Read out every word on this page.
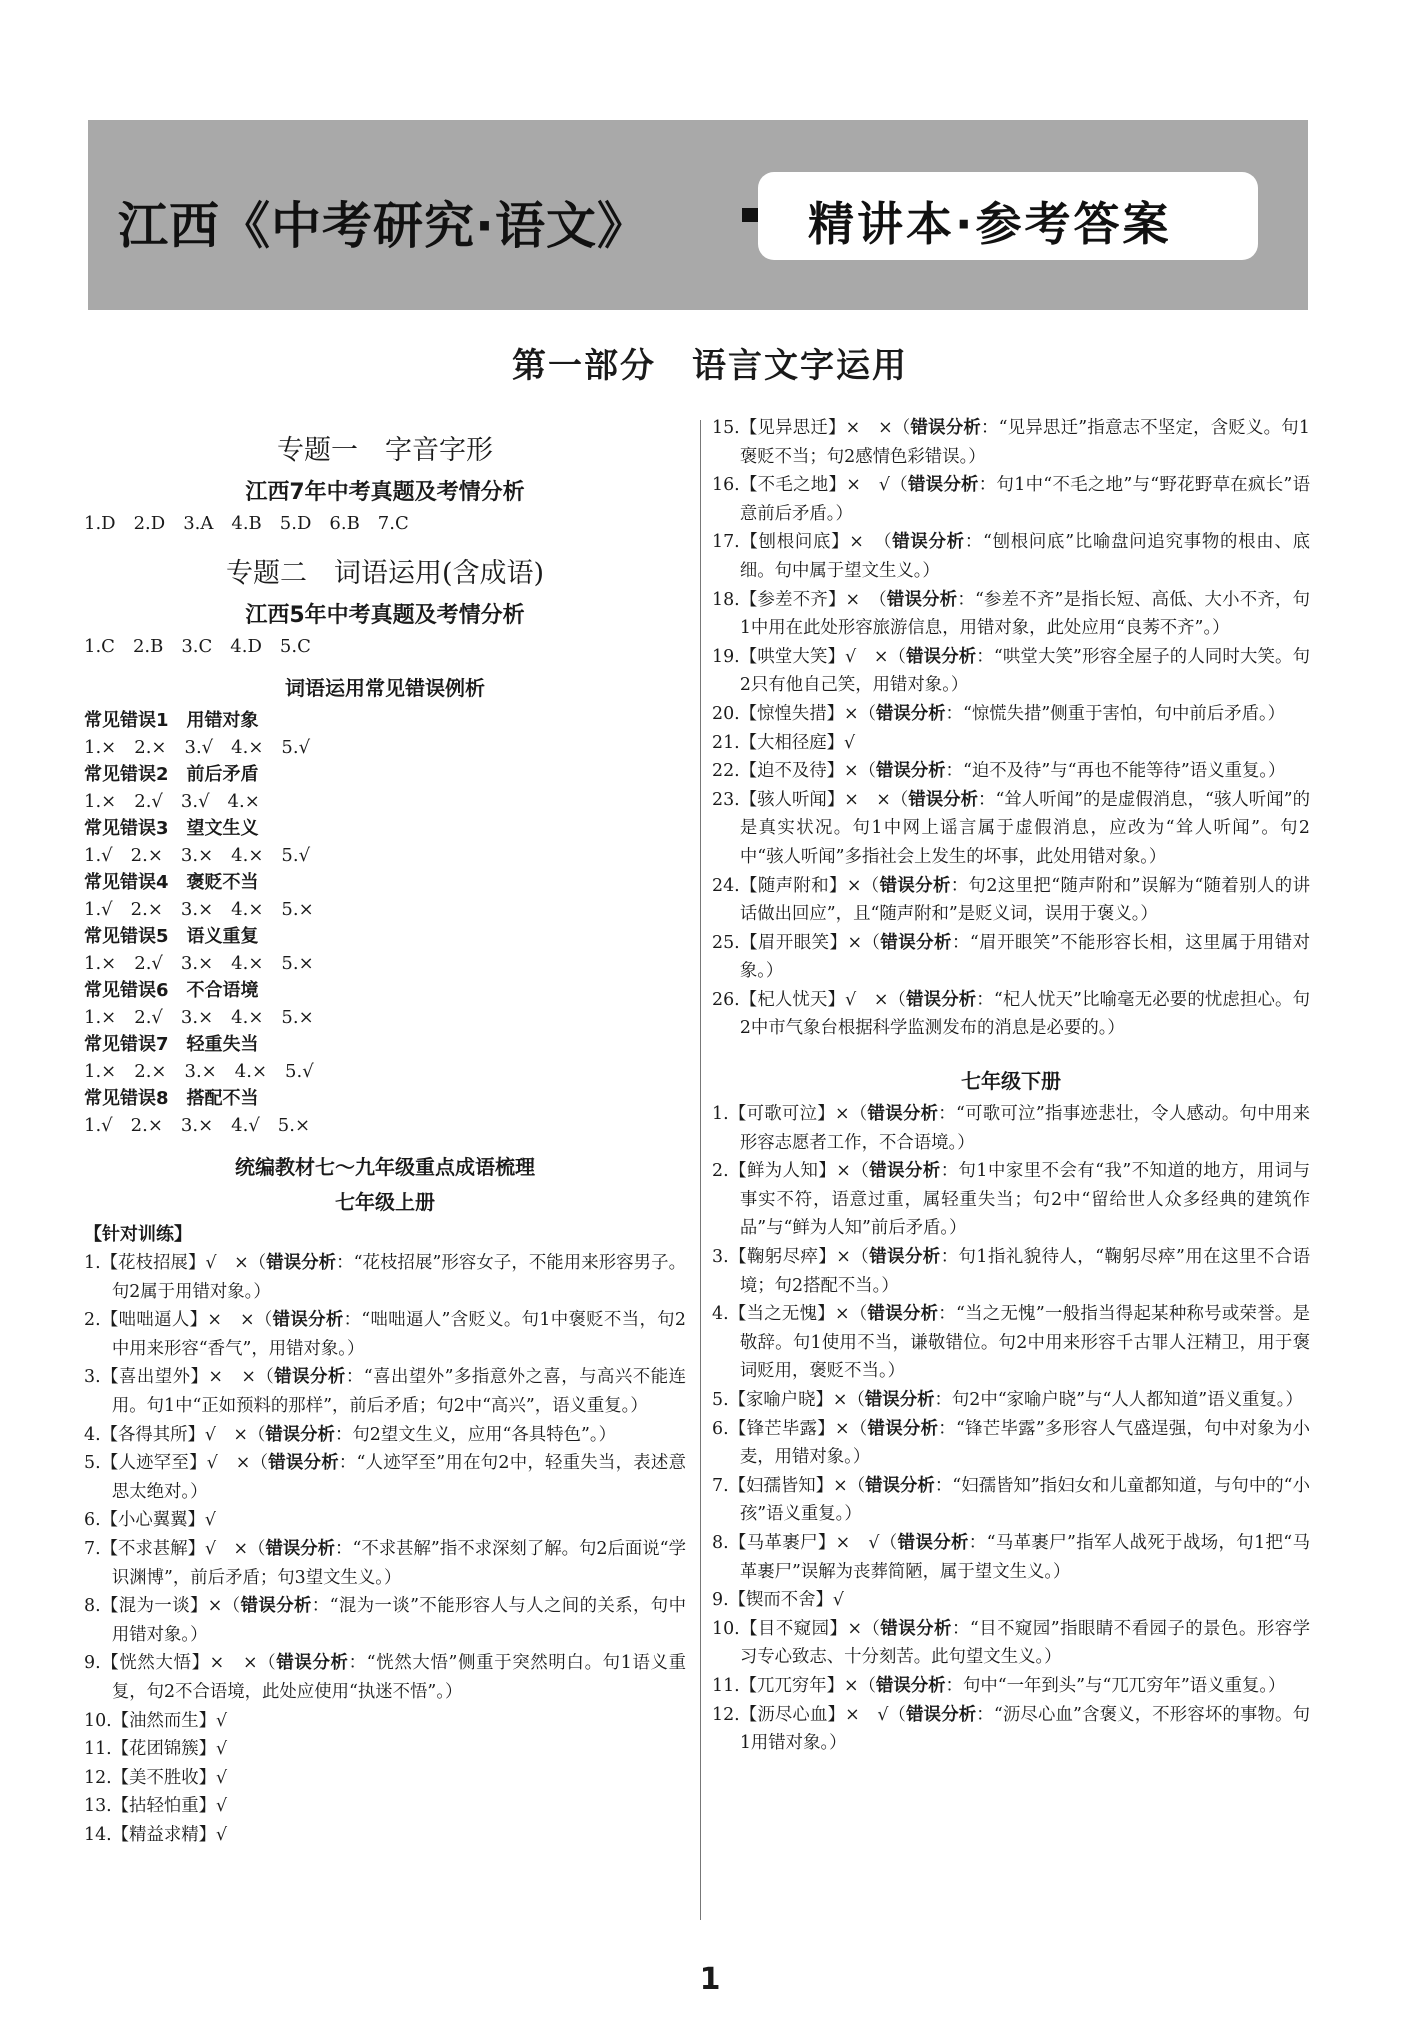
江西《中考研究·语文》	精讲本·参考答案
第一部分　语言文字运用
专题一　字音字形
江西7年中考真题及考情分析
1.D　2.D　3.A　4.B　5.D　6.B　7.C
专题二　词语运用(含成语)
江西5年中考真题及考情分析
1.C　2.B　3.C　4.D　5.C
词语运用常见错误例析
常见错误1　用错对象
1.×　2.×　3.√　4.×　5.√
常见错误2　前后矛盾
1.×　2.√　3.√　4.×
常见错误3　望文生义
1.√　2.×　3.×　4.×　5.√
常见错误4　褒贬不当
1.√　2.×　3.×　4.×　5.×
常见错误5　语义重复
1.×　2.√　3.×　4.×　5.×
常见错误6　不合语境
1.×　2.√　3.×　4.×　5.×
常见错误7　轻重失当
1.×　2.×　3.×　4.×　5.√
常见错误8　搭配不当
1.√　2.×　3.×　4.√　5.×
统编教材七～九年级重点成语梳理
七年级上册
【针对训练】
1.【花枝招展】√　×（错误分析：“花枝招展”形容女子，不能用来形容男子。句2属于用错对象。）
2.【咄咄逼人】×　×（错误分析：“咄咄逼人”含贬义。句1中褒贬不当，句2中用来形容“香气”，用错对象。）
3.【喜出望外】×　×（错误分析：“喜出望外”多指意外之喜，与高兴不能连用。句1中“正如预料的那样”，前后矛盾；句2中“高兴”，语义重复。）
4.【各得其所】√　×（错误分析：句2望文生义，应用“各具特色”。）
5.【人迹罕至】√　×（错误分析：“人迹罕至”用在句2中，轻重失当，表述意思太绝对。）
6.【小心翼翼】√
7.【不求甚解】√　×（错误分析：“不求甚解”指不求深刻了解。句2后面说“学识渊博”，前后矛盾；句3望文生义。）
8.【混为一谈】×（错误分析：“混为一谈”不能形容人与人之间的关系，句中用错对象。）
9.【恍然大悟】×　×（错误分析：“恍然大悟”侧重于突然明白。句1语义重复，句2不合语境，此处应使用“执迷不悟”。）
10.【油然而生】√
11.【花团锦簇】√
12.【美不胜收】√
13.【拈轻怕重】√
14.【精益求精】√
15.【见异思迁】×　×（错误分析：“见异思迁”指意志不坚定，含贬义。句1褒贬不当；句2感情色彩错误。）
16.【不毛之地】×　√（错误分析：句1中“不毛之地”与“野花野草在疯长”语意前后矛盾。）
17.【刨根问底】×　（错误分析：“刨根问底”比喻盘问追究事物的根由、底细。句中属于望文生义。）
18.【参差不齐】×　（错误分析：“参差不齐”是指长短、高低、大小不齐，句1中用在此处形容旅游信息，用错对象，此处应用“良莠不齐”。）
19.【哄堂大笑】√　×（错误分析：“哄堂大笑”形容全屋子的人同时大笑。句2只有他自己笑，用错对象。）
20.【惊惶失措】×（错误分析：“惊慌失措”侧重于害怕，句中前后矛盾。）
21.【大相径庭】√
22.【迫不及待】×（错误分析：“迫不及待”与“再也不能等待”语义重复。）
23.【骇人听闻】×　×（错误分析：“耸人听闻”的是虚假消息，“骇人听闻”的是真实状况。句1中网上谣言属于虚假消息，应改为“耸人听闻”。句2中“骇人听闻”多指社会上发生的坏事，此处用错对象。）
24.【随声附和】×（错误分析：句2这里把“随声附和”误解为“随着别人的讲话做出回应”，且“随声附和”是贬义词，误用于褒义。）
25.【眉开眼笑】×（错误分析：“眉开眼笑”不能形容长相，这里属于用错对象。）
26.【杞人忧天】√　×（错误分析：“杞人忧天”比喻毫无必要的忧虑担心。句2中市气象台根据科学监测发布的消息是必要的。）
七年级下册
1.【可歌可泣】×（错误分析：“可歌可泣”指事迹悲壮，令人感动。句中用来形容志愿者工作，不合语境。）
2.【鲜为人知】×（错误分析：句1中家里不会有“我”不知道的地方，用词与事实不符，语意过重，属轻重失当；句2中“留给世人众多经典的建筑作品”与“鲜为人知”前后矛盾。）
3.【鞠躬尽瘁】×（错误分析：句1指礼貌待人，“鞠躬尽瘁”用在这里不合语境；句2搭配不当。）
4.【当之无愧】×（错误分析：“当之无愧”一般指当得起某种称号或荣誉。是敬辞。句1使用不当，谦敬错位。句2中用来形容千古罪人汪精卫，用于褒词贬用，褒贬不当。）
5.【家喻户晓】×（错误分析：句2中“家喻户晓”与“人人都知道”语义重复。）
6.【锋芒毕露】×（错误分析：“锋芒毕露”多形容人气盛逞强，句中对象为小麦，用错对象。）
7.【妇孺皆知】×（错误分析：“妇孺皆知”指妇女和儿童都知道，与句中的“小孩”语义重复。）
8.【马革裹尸】×　√（错误分析：“马革裹尸”指军人战死于战场，句1把“马革裹尸”误解为丧葬简陋，属于望文生义。）
9.【锲而不舍】√
10.【目不窥园】×（错误分析：“目不窥园”指眼睛不看园子的景色。形容学习专心致志、十分刻苦。此句望文生义。）
11.【兀兀穷年】×（错误分析：句中“一年到头”与“兀兀穷年”语义重复。）
12.【沥尽心血】×　√（错误分析：“沥尽心血”含褒义，不形容坏的事物。句1用错对象。）
1
